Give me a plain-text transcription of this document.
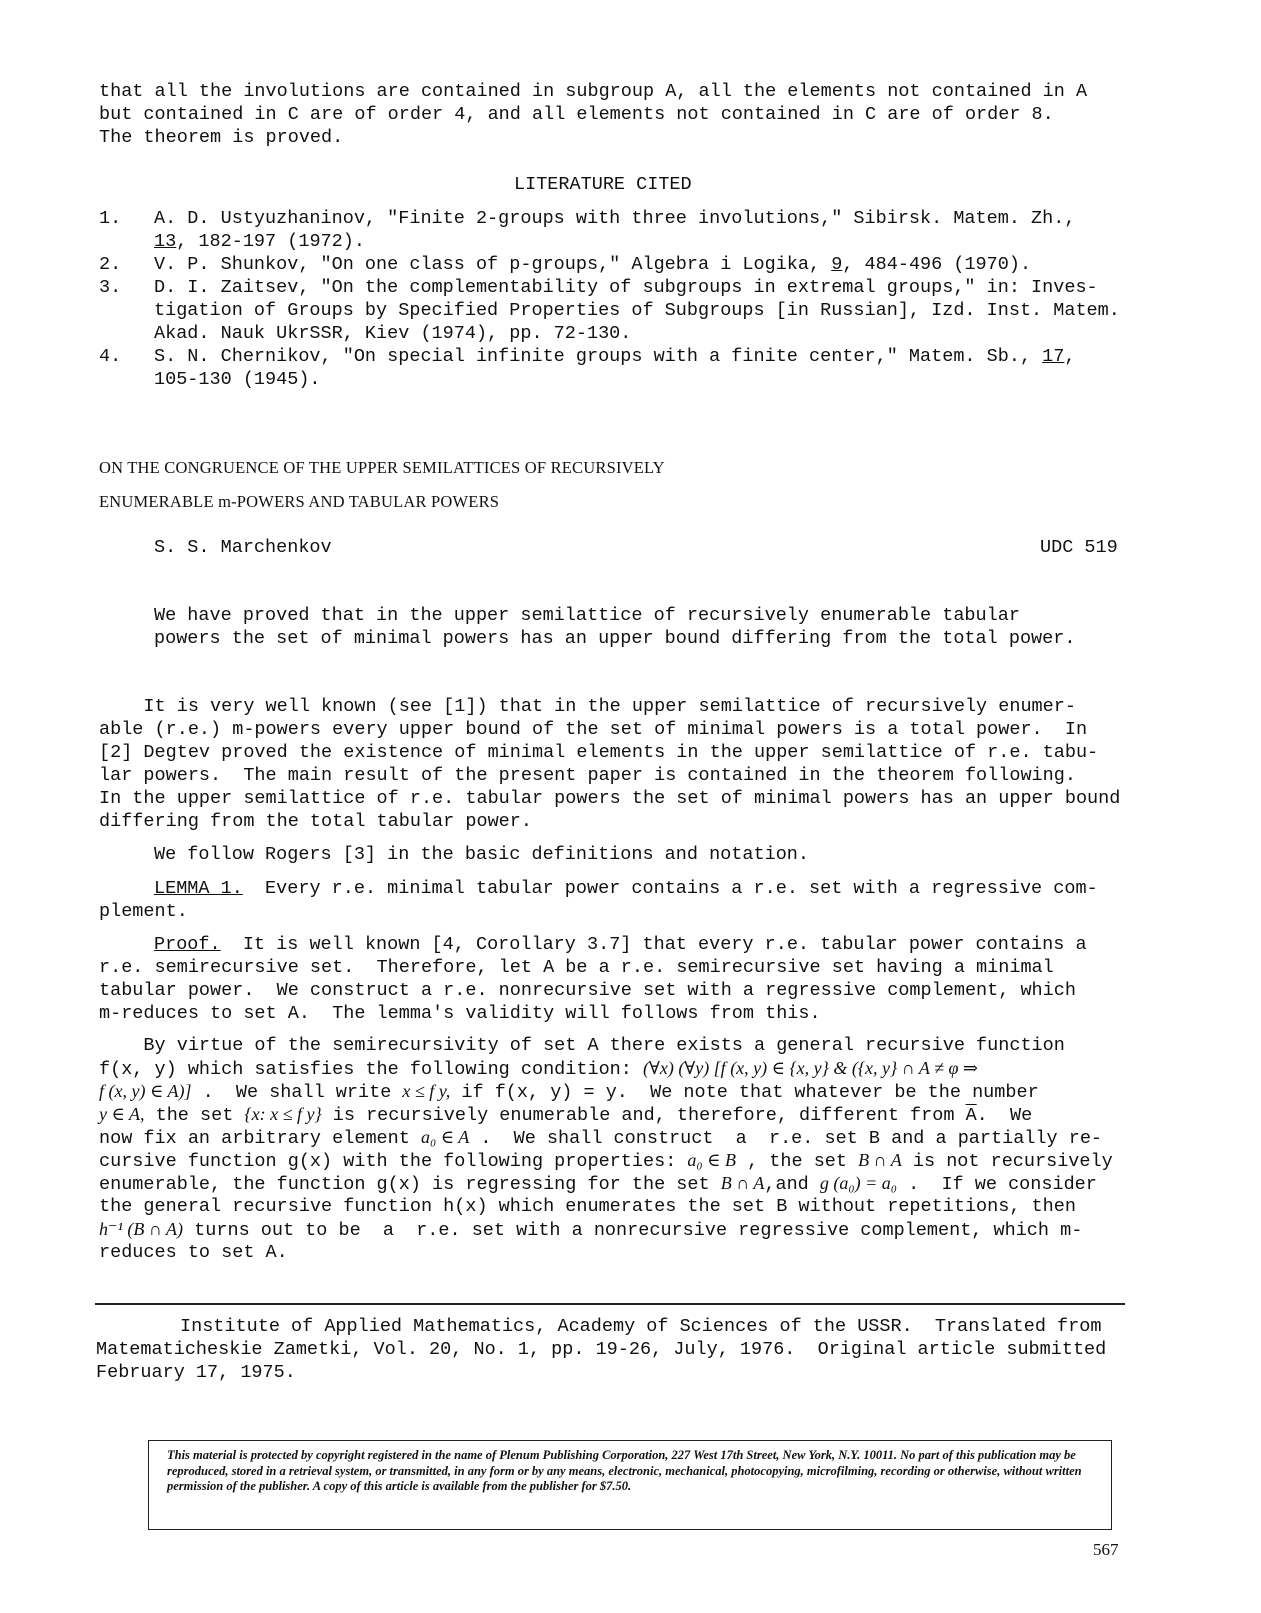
that all the involutions are contained in subgroup A, all the elements not contained in A

but contained in C are of order 4, and all elements not contained in C are of order 8.

The theorem is proved.

LITERATURE CITED

1.

A. D. Ustyuzhaninov, "Finite 2-groups with three involutions," Sibirsk. Matem. Zh.,

13, 182-197 (1972).

2.

V. P. Shunkov, "On one class of p-groups," Algebra i Logika, 9, 484-496 (1970).

3.

D. I. Zaitsev, "On the complementability of subgroups in extremal groups," in: Inves-

tigation of Groups by Specified Properties of Subgroups [in Russian], Izd. Inst. Matem.

Akad. Nauk UkrSSR, Kiev (1974), pp. 72-130.

4.

S. N. Chernikov, "On special infinite groups with a finite center," Matem. Sb., 17,

105-130 (1945).

ON THE CONGRUENCE OF THE UPPER SEMILATTICES OF RECURSIVELY
ENUMERABLE m-POWERS AND TABULAR POWERS
S. S. Marchenkov	UDC 519

We have proved that in the upper semilattice of recursively enumerable tabular

powers the set of minimal powers has an upper bound differing from the total power.

It is very well known (see [1]) that in the upper semilattice of recursively enumer-

able (r.e.) m-powers every upper bound of the set of minimal powers is a total power.  In

[2] Degtev proved the existence of minimal elements in the upper semilattice of r.e. tabu-

lar powers.  The main result of the present paper is contained in the theorem following.

In the upper semilattice of r.e. tabular powers the set of minimal powers has an upper bound

differing from the total tabular power.

We follow Rogers [3] in the basic definitions and notation.

LEMMA 1.  Every r.e. minimal tabular power contains a r.e. set with a regressive com-

plement.

Proof.  It is well known [4, Corollary 3.7] that every r.e. tabular power contains a

r.e. semirecursive set.  Therefore, let A be a r.e. semirecursive set having a minimal

tabular power.  We construct a r.e. nonrecursive set with a regressive complement, which

m-reduces to set A.  The lemma's validity will follows from this.

By virtue of the semirecursivity of set A there exists a general recursive function

f(x, y) which satisfies the following condition: (∀x) (∀y) [f (x, y) ∈ {x, y} & ({x, y} ∩ A ≠ φ ⇒

f (x, y) ∈ A)] .  We shall write x ≤ f y, if f(x, y) = y.  We note that whatever be the number

y ∈ A, the set {x: x ≤ f y} is recursively enumerable and, therefore, different from $\overline{A}$.  We

now fix an arbitrary element a₀ ∈ A .  We shall construct  a  r.e. set B and a partially re-

cursive function g(x) with the following properties: a₀ ∈ B , the set B ∩ A is not recursively

enumerable, the function g(x) is regressing for the set B ∩ A,and g (a₀) = a₀ .  If we consider

the general recursive function h(x) which enumerates the set B without repetitions, then

h⁻¹ (B ∩ A) turns out to be  a  r.e. set with a nonrecursive regressive complement, which m-

reduces to set A.

Institute of Applied Mathematics, Academy of Sciences of the USSR.  Translated from

Matematicheskie Zametki, Vol. 20, No. 1, pp. 19-26, July, 1976.  Original article submitted

February 17, 1975.

This material is protected by copyright registered in the name of Plenum Publishing Corporation, 227 West 17th Street, New York, N.Y. 10011. No part of this publication may be reproduced, stored in a retrieval system, or transmitted, in any form or by any means, electronic, mechanical, photocopying, microfilming, recording or otherwise, without written permission of the publisher. A copy of this article is available from the publisher for $7.50.

567
